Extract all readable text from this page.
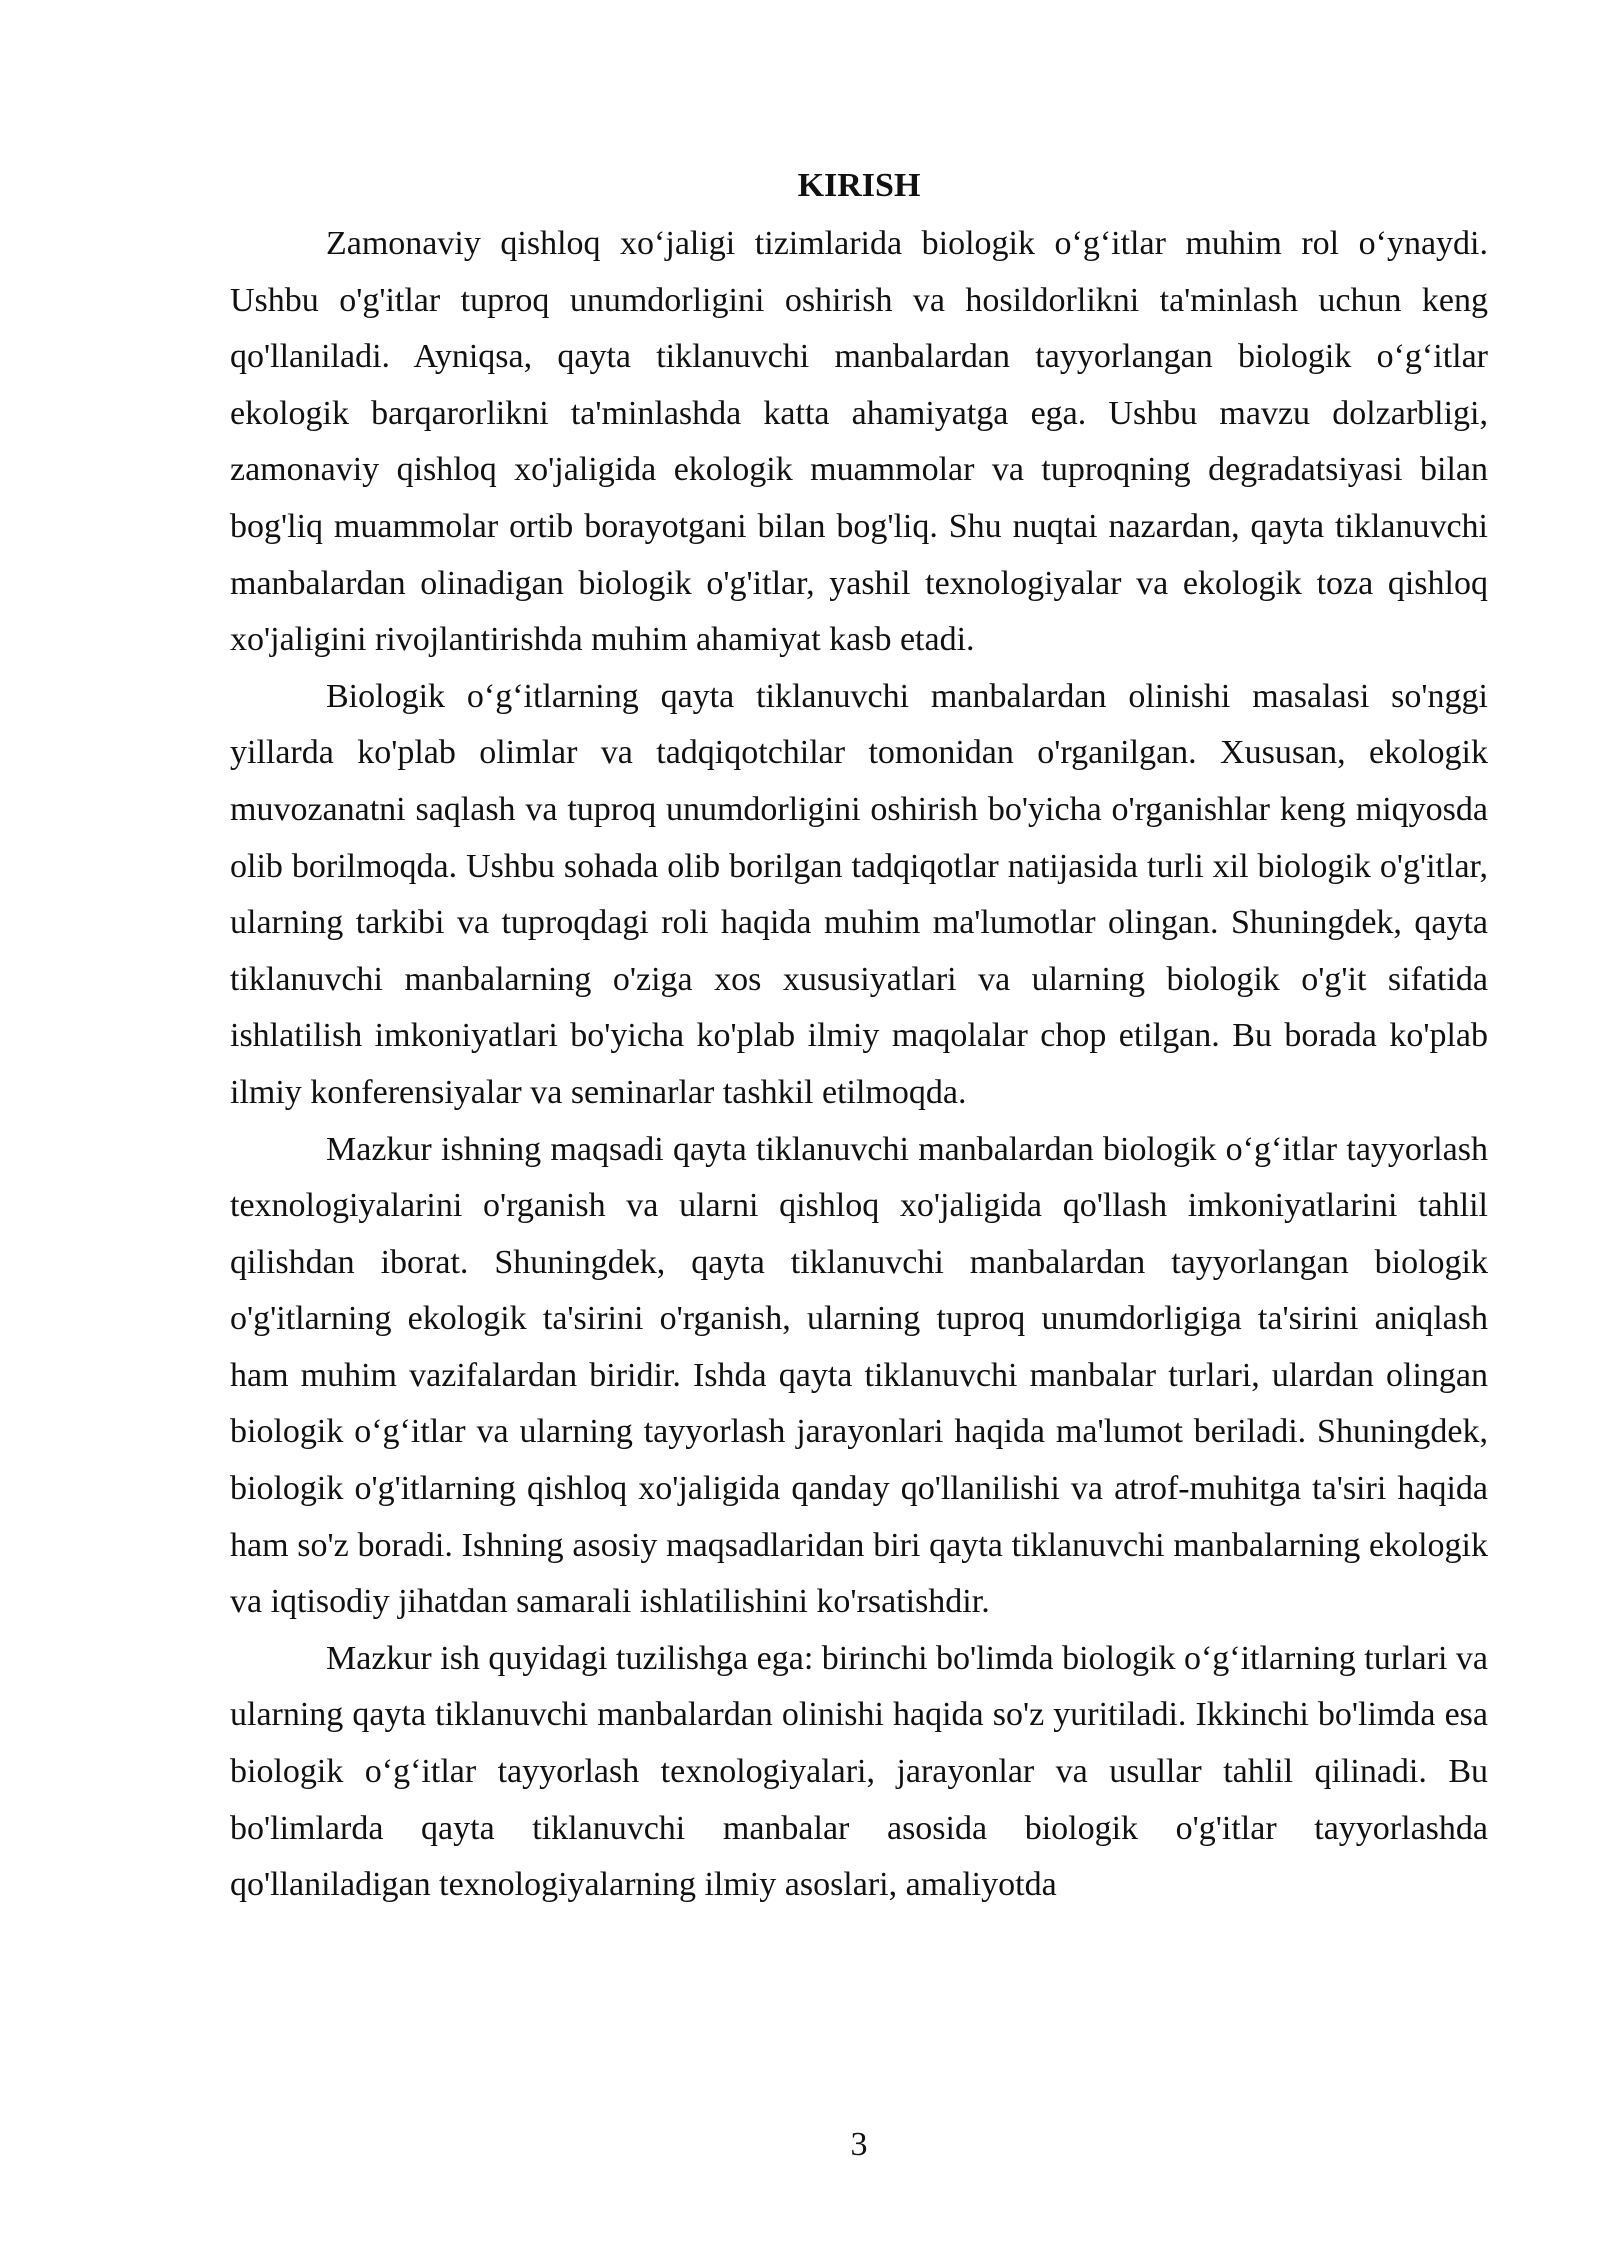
KIRISH

Zamonaviy qishloq xo‘jaligi tizimlarida biologik o‘g‘itlar muhim rol o‘ynaydi. Ushbu o'g'itlar tuproq unumdorligini oshirish va hosildorlikni ta'minlash uchun keng qo'llaniladi. Ayniqsa, qayta tiklanuvchi manbalardan tayyorlangan biologik o‘g‘itlar ekologik barqarorlikni ta'minlashda katta ahamiyatga ega. Ushbu mavzu dolzarbligi, zamonaviy qishloq xo'jaligida ekologik muammolar va tuproqning degradatsiyasi bilan bog'liq muammolar ortib borayotgani bilan bog'liq. Shu nuqtai nazardan, qayta tiklanuvchi manbalardan olinadigan biologik o'g'itlar, yashil texnologiyalar va ekologik toza qishloq xo'jaligini rivojlantirishda muhim ahamiyat kasb etadi.

Biologik o‘g‘itlarning qayta tiklanuvchi manbalardan olinishi masalasi so'nggi yillarda ko'plab olimlar va tadqiqotchilar tomonidan o'rganilgan. Xususan, ekologik muvozanatni saqlash va tuproq unumdorligini oshirish bo'yicha o'rganishlar keng miqyosda olib borilmoqda. Ushbu sohada olib borilgan tadqiqotlar natijasida turli xil biologik o'g'itlar, ularning tarkibi va tuproqdagi roli haqida muhim ma'lumotlar olingan. Shuningdek, qayta tiklanuvchi manbalarning o'ziga xos xususiyatlari va ularning biologik o'g'it sifatida ishlatilish imkoniyatlari bo'yicha ko'plab ilmiy maqolalar chop etilgan. Bu borada ko'plab ilmiy konferensiyalar va seminarlar tashkil etilmoqda.

Mazkur ishning maqsadi qayta tiklanuvchi manbalardan biologik o‘g‘itlar tayyorlash texnologiyalarini o'rganish va ularni qishloq xo'jaligida qo'llash imkoniyatlarini tahlil qilishdan iborat. Shuningdek, qayta tiklanuvchi manbalardan tayyorlangan biologik o'g'itlarning ekologik ta'sirini o'rganish, ularning tuproq unumdorligiga ta'sirini aniqlash ham muhim vazifalardan biridir. Ishda qayta tiklanuvchi manbalar turlari, ulardan olingan biologik o‘g‘itlar va ularning tayyorlash jarayonlari haqida ma'lumot beriladi. Shuningdek, biologik o'g'itlarning qishloq xo'jaligida qanday qo'llanilishi va atrof-muhitga ta'siri haqida ham so'z boradi. Ishning asosiy maqsadlaridan biri qayta tiklanuvchi manbalarning ekologik va iqtisodiy jihatdan samarali ishlatilishini ko'rsatishdir.

Mazkur ish quyidagi tuzilishga ega: birinchi bo'limda biologik o‘g‘itlarning turlari va ularning qayta tiklanuvchi manbalardan olinishi haqida so'z yuritiladi. Ikkinchi bo'limda esa biologik o‘g‘itlar tayyorlash texnologiyalari, jarayonlar va usullar tahlil qilinadi. Bu bo'limlarda qayta tiklanuvchi manbalar asosida biologik o'g'itlar tayyorlashda qo'llaniladigan texnologiyalarning ilmiy asoslari, amaliyotda

3
